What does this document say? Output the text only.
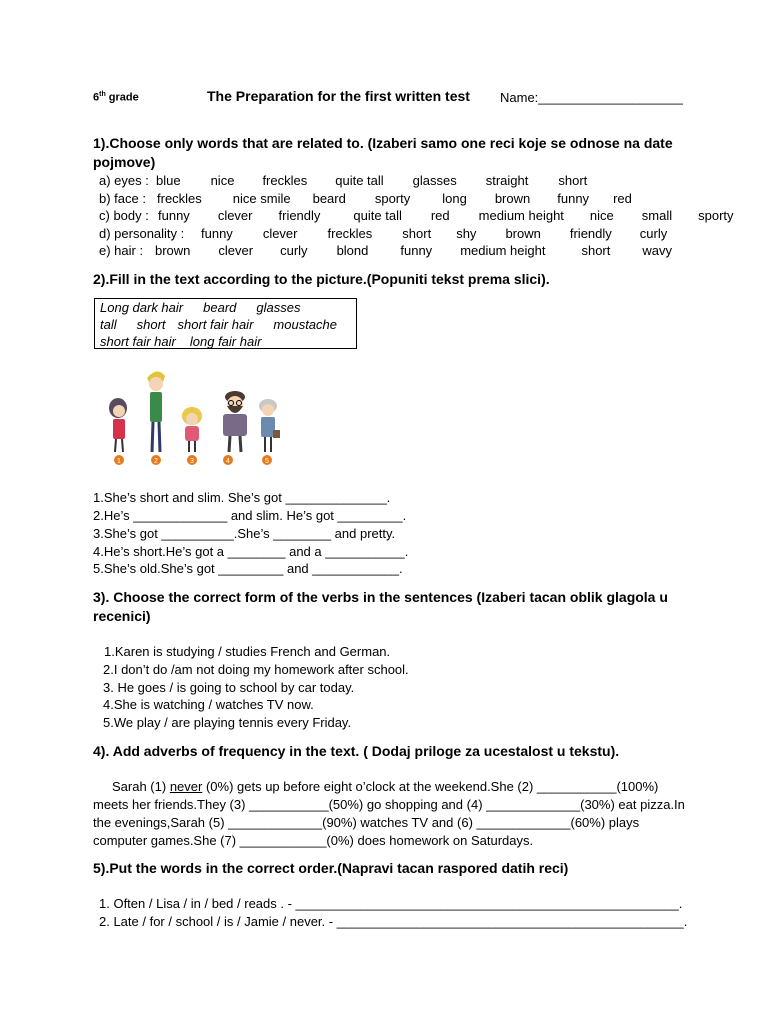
6th grade	The Preparation for the first written test Name:____________________
1).Choose only words that are related to. (Izaberi samo one reci koje se odnose na date
pojmove)
a) eyes : blue nice freckles quite tall glasses straight short
b) face : freckles nice smile beard sporty long brown funny red
c) body : funny clever friendly	quite tall red medium height nice small sporty
d) personality : funny clever freckles short shy brown friendly curly
e) hair : brown clever curly blond funny medium height	short wavy
2).Fill in the text according to the picture.(Popuniti tekst prema slici).
Long dark hair beard glasses
tall short short fair hair moustache
short fair hair long fair hair
1	2	3	4	5
1.She’s short and slim. She’s got ______________.
2.He’s _____________ and slim. He’s got _________.
3.She’s got __________.She’s ________ and pretty.
4.He’s short.He’s got a ________ and a ___________.
5.She’s old.She’s got _________ and ____________.
3). Choose the correct form of the verbs in the sentences (Izaberi tacan oblik glagola u
recenici)
1.Karen is studying / studies French and German.
2.I don’t do /am not doing my homework after school.
3. He goes / is going to school by car today.
4.She is watching / watches TV now.
5.We play / are playing tennis every Friday.
4). Add adverbs of frequency in the text. ( Dodaj priloge za ucestalost u tekstu).
Sarah (1) never (0%) gets up before eight o’clock at the weekend.She (2) ___________(100%)
meets her friends.They (3) ___________(50%) go shopping and (4) _____________(30%) eat pizza.In
the evenings,Sarah (5) _____________(90%) watches TV and (6) _____________(60%) plays
computer games.She (7) ____________(0%) does homework on Saturdays.
5).Put the words in the correct order.(Napravi tacan raspored datih reci)
1. Often / Lisa / in / bed / reads . - _____________________________________________________.
2. Late / for / school / is / Jamie / never. - ________________________________________________.
